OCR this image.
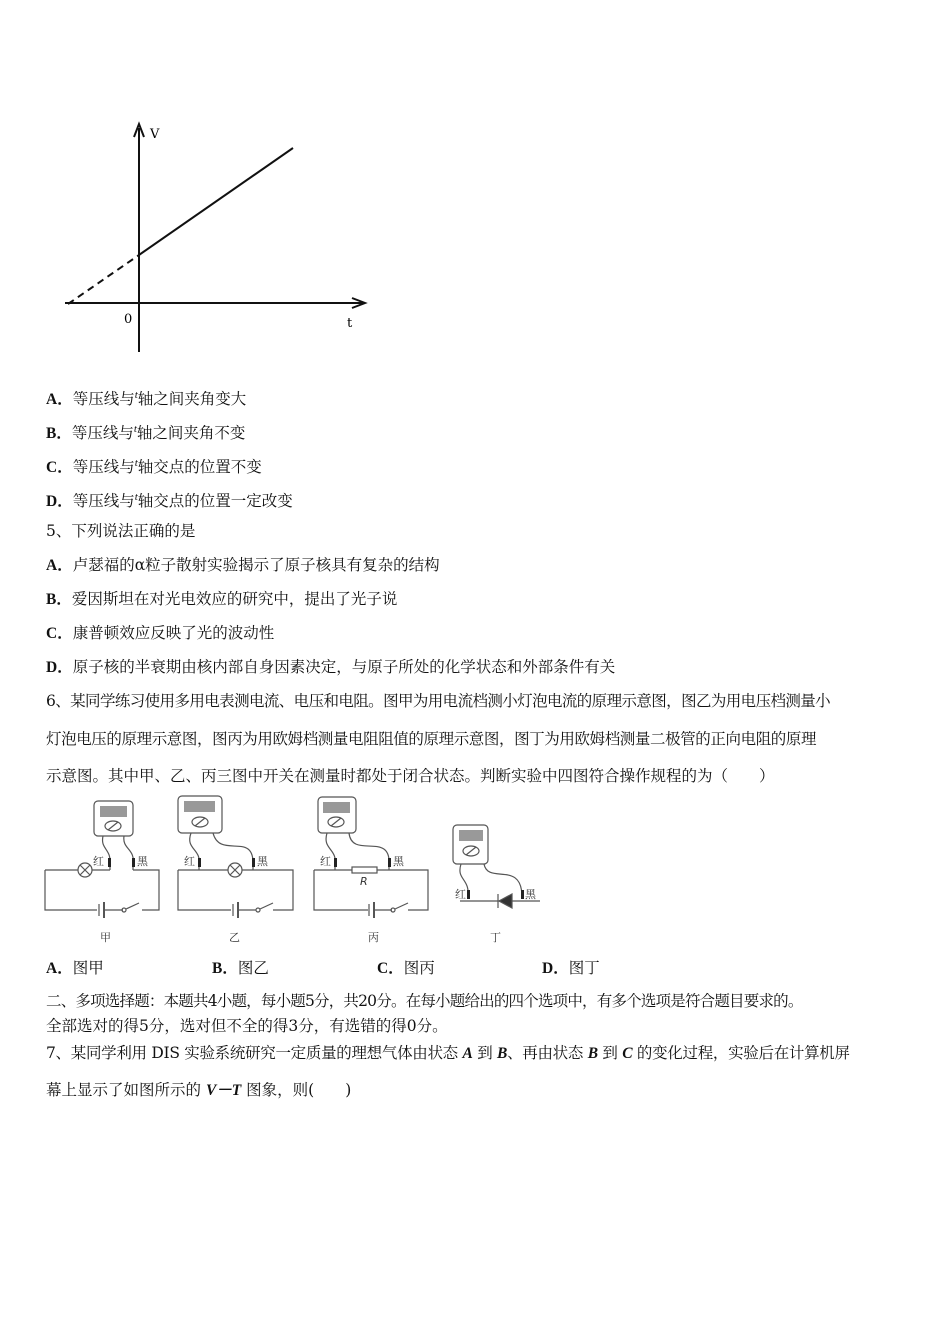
V
0	t
红	黑	红	黑	红	黑
红	黑
R
甲	乙	丙	丁
A．等压线与$^t$轴之间夹角变大
B．等压线与$^t$轴之间夹角不变
C．等压线与$^t$轴交点的位置不变
D．等压线与$^t$轴交点的位置一定改变
5、下列说法正确的是
A．卢瑟福的α粒子散射实验揭示了原子核具有复杂的结构
B．爱因斯坦在对光电效应的研究中，提出了光子说
C．康普顿效应反映了光的波动性
D．原子核的半衰期由核内部自身因素决定，与原子所处的化学状态和外部条件有关
6、某同学练习使用多用电表测电流、电压和电阻。图甲为用电流档测小灯泡电流的原理示意图，图乙为用电压档测量小
灯泡电压的原理示意图，图丙为用欧姆档测量电阻阻值的原理示意图，图丁为用欧姆档测量二极管的正向电阻的原理
示意图。其中甲、乙、丙三图中开关在测量时都处于闭合状态。判断实验中四图符合操作规程的为（　　）
A．图甲	B．图乙	C．图丙	D．图丁
二、多项选择题：本题共4小题，每小题5分，共20分。在每小题给出的四个选项中，有多个选项是符合题目要求的。
全部选对的得5分，选对但不全的得3分，有选错的得0分。
7、某同学利用 DIS 实验系统研究一定质量的理想气体由状态 A 到 B、再由状态 B 到 C 的变化过程，实验后在计算机屏
幕上显示了如图所示的 V－T 图象，则(　　)
